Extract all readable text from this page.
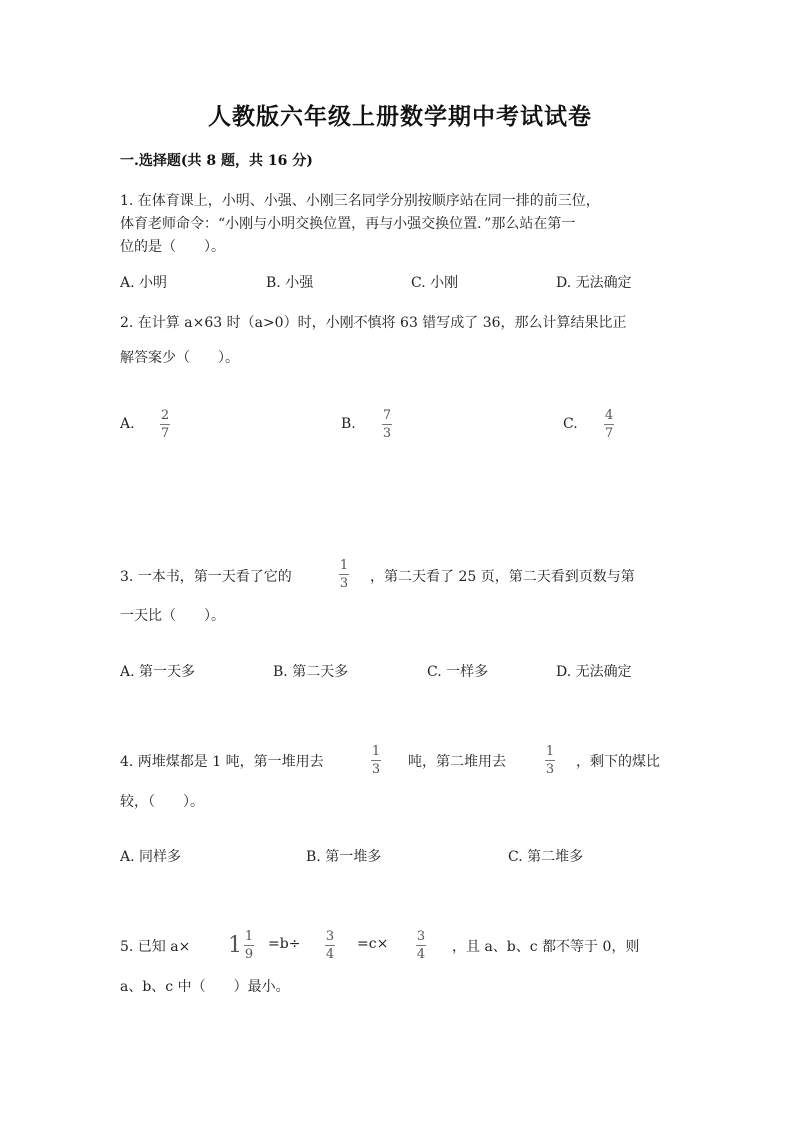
人教版六年级上册数学期中考试试卷
一.选择题(共 8 题，共 16 分)
1. 在体育课上，小明、小强、小刚三名同学分别按顺序站在同一排的前三位，
体育老师命令：“小刚与小明交换位置，再与小强交换位置．”那么站在第一
位的是（　　）。
A. 小明	B. 小强	C. 小刚	D. 无法确定
2. 在计算 a×63 时（a>0）时，小刚不慎将 63 错写成了 36，那么计算结果比正
解答案少（　　）。
A.
2
7
B.
7
3
C.
4
7
3. 一本书，第一天看了它的
1
3 ，第二天看了 25 页，第二天看到页数与第
一天比（　　）。
A. 第一天多	B. 第二天多	C. 一样多	D. 无法确定
4. 两堆煤都是 1 吨，第一堆用去
1
3 吨，第二堆用去
1
3 ，剩下的煤比
较，（　　）。
A. 同样多	B. 第一堆多	C. 第二堆多
5. 已知 $a\times 1 \frac{1}{9} =b\div 3$
4
=c× 3
4 ，且 a、b、c 都不等于 0，则
a、b、c 中（　　）最小。
